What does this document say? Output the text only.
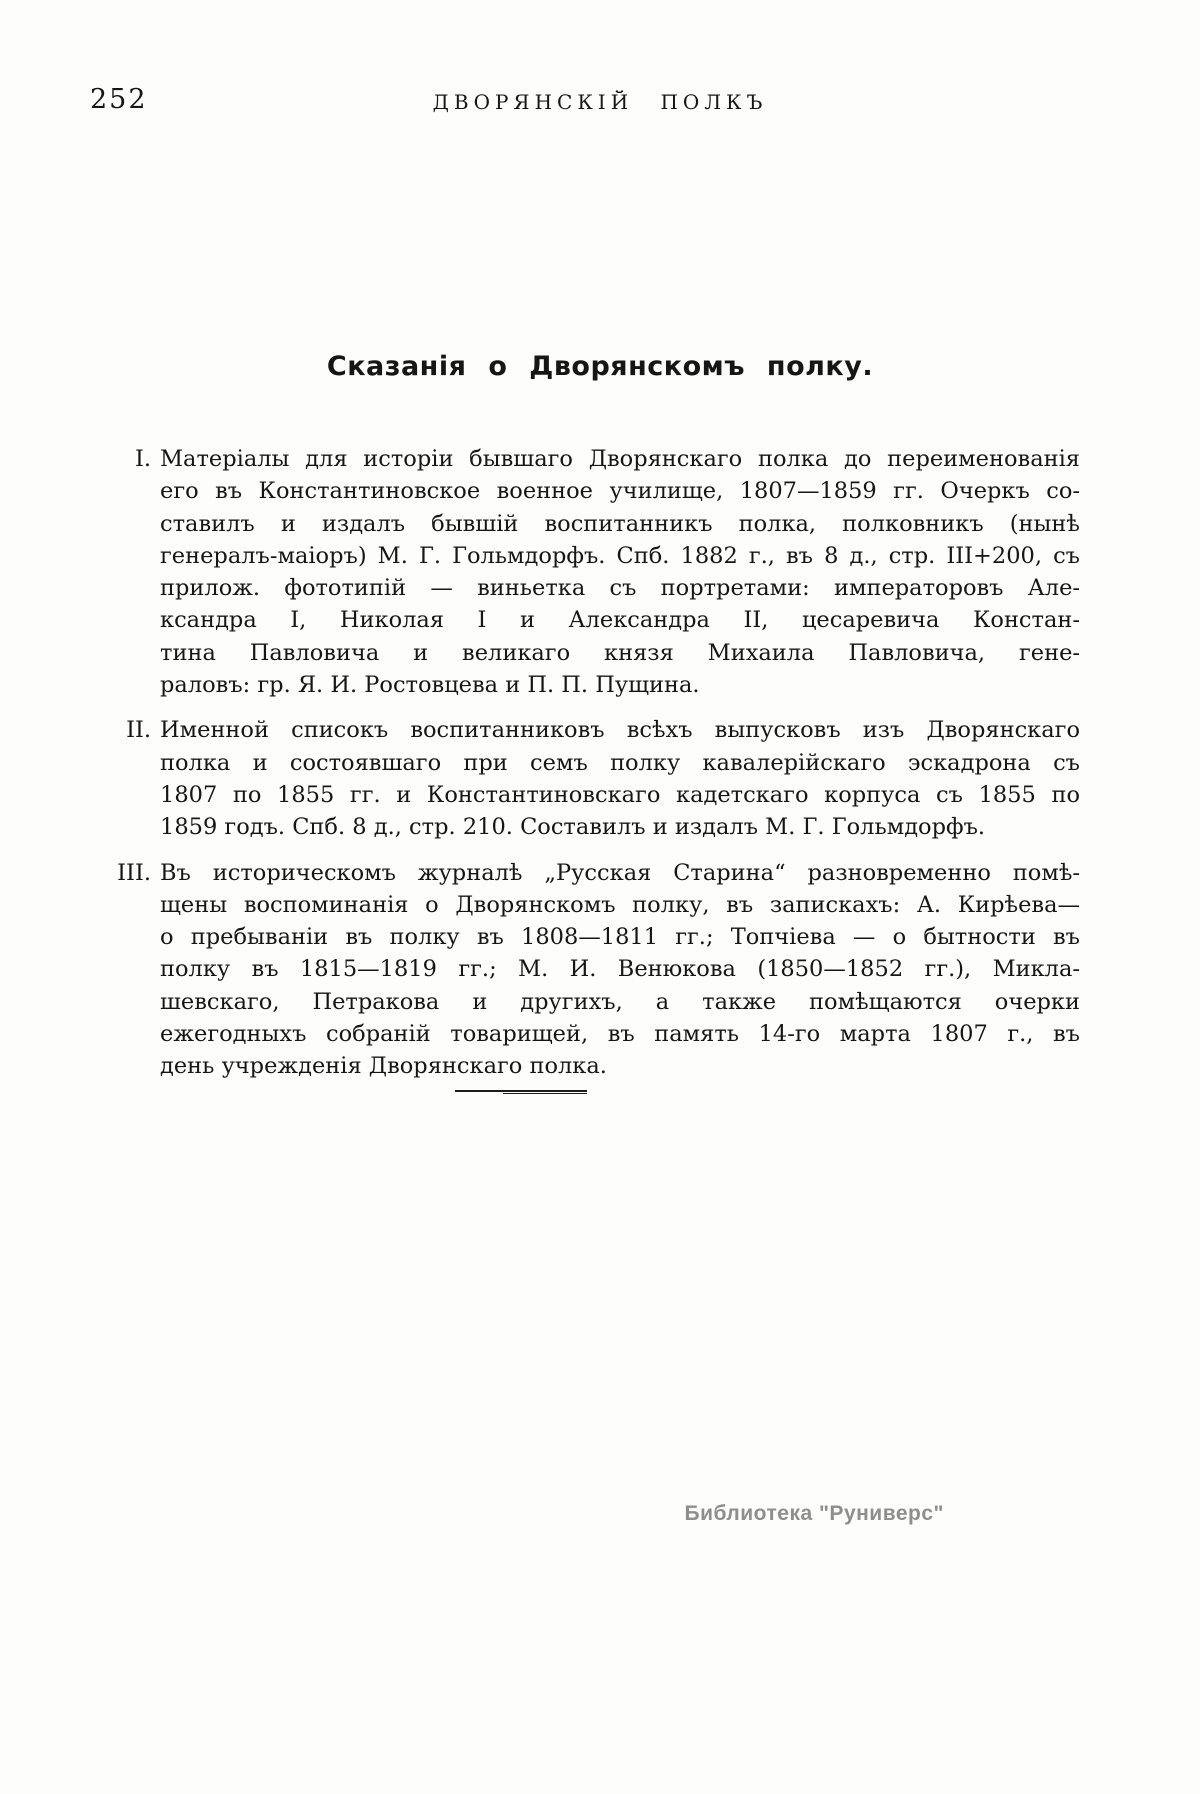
252	ДВОРЯНСКІЙ ПОЛКЪ
Сказанія о Дворянскомъ полку.
I. Матеріалы для исторіи бывшаго Дворянскаго полка до переименованія
его въ Константиновское военное училище, 1807—1859 гг. Очеркъ со-
ставилъ и издалъ бывшій воспитанникъ полка, полковникъ (нынѣ
генералъ-маіоръ) М. Г. Гольмдорфъ. Спб. 1882 г., въ 8 д., стр. III+200, съ
прилож. фототипій — виньетка съ портретами: императоровъ Але-
ксандра I, Николая I и Александра II, цесаревича Констан-
тина Павловича и великаго князя Михаила Павловича, гене-
раловъ: гр. Я. И. Ростовцева и П. П. Пущина.
II. Именной списокъ воспитанниковъ всѣхъ выпусковъ изъ Дворянскаго
полка и состоявшаго при семъ полку кавалерійскаго эскадрона съ
1807 по 1855 гг. и Константиновскаго кадетскаго корпуса съ 1855 по
1859 годъ. Спб. 8 д., стр. 210. Составилъ и издалъ М. Г. Гольмдорфъ.
III. Въ историческомъ журналѣ „Русская Старина“ разновременно помѣ-
щены воспоминанія о Дворянскомъ полку, въ запискахъ: А. Кирѣева—
о пребываніи въ полку въ 1808—1811 гг.; Топчіева — о бытности въ
полку въ 1815—1819 гг.; М. И. Венюкова (1850—1852 гг.), Микла-
шевскаго, Петракова и другихъ, а также помѣщаются очерки
ежегодныхъ собраній товарищей, въ память 14-го марта 1807 г., въ
день учрежденія Дворянскаго полка.
Библиотека "Руниверс"
